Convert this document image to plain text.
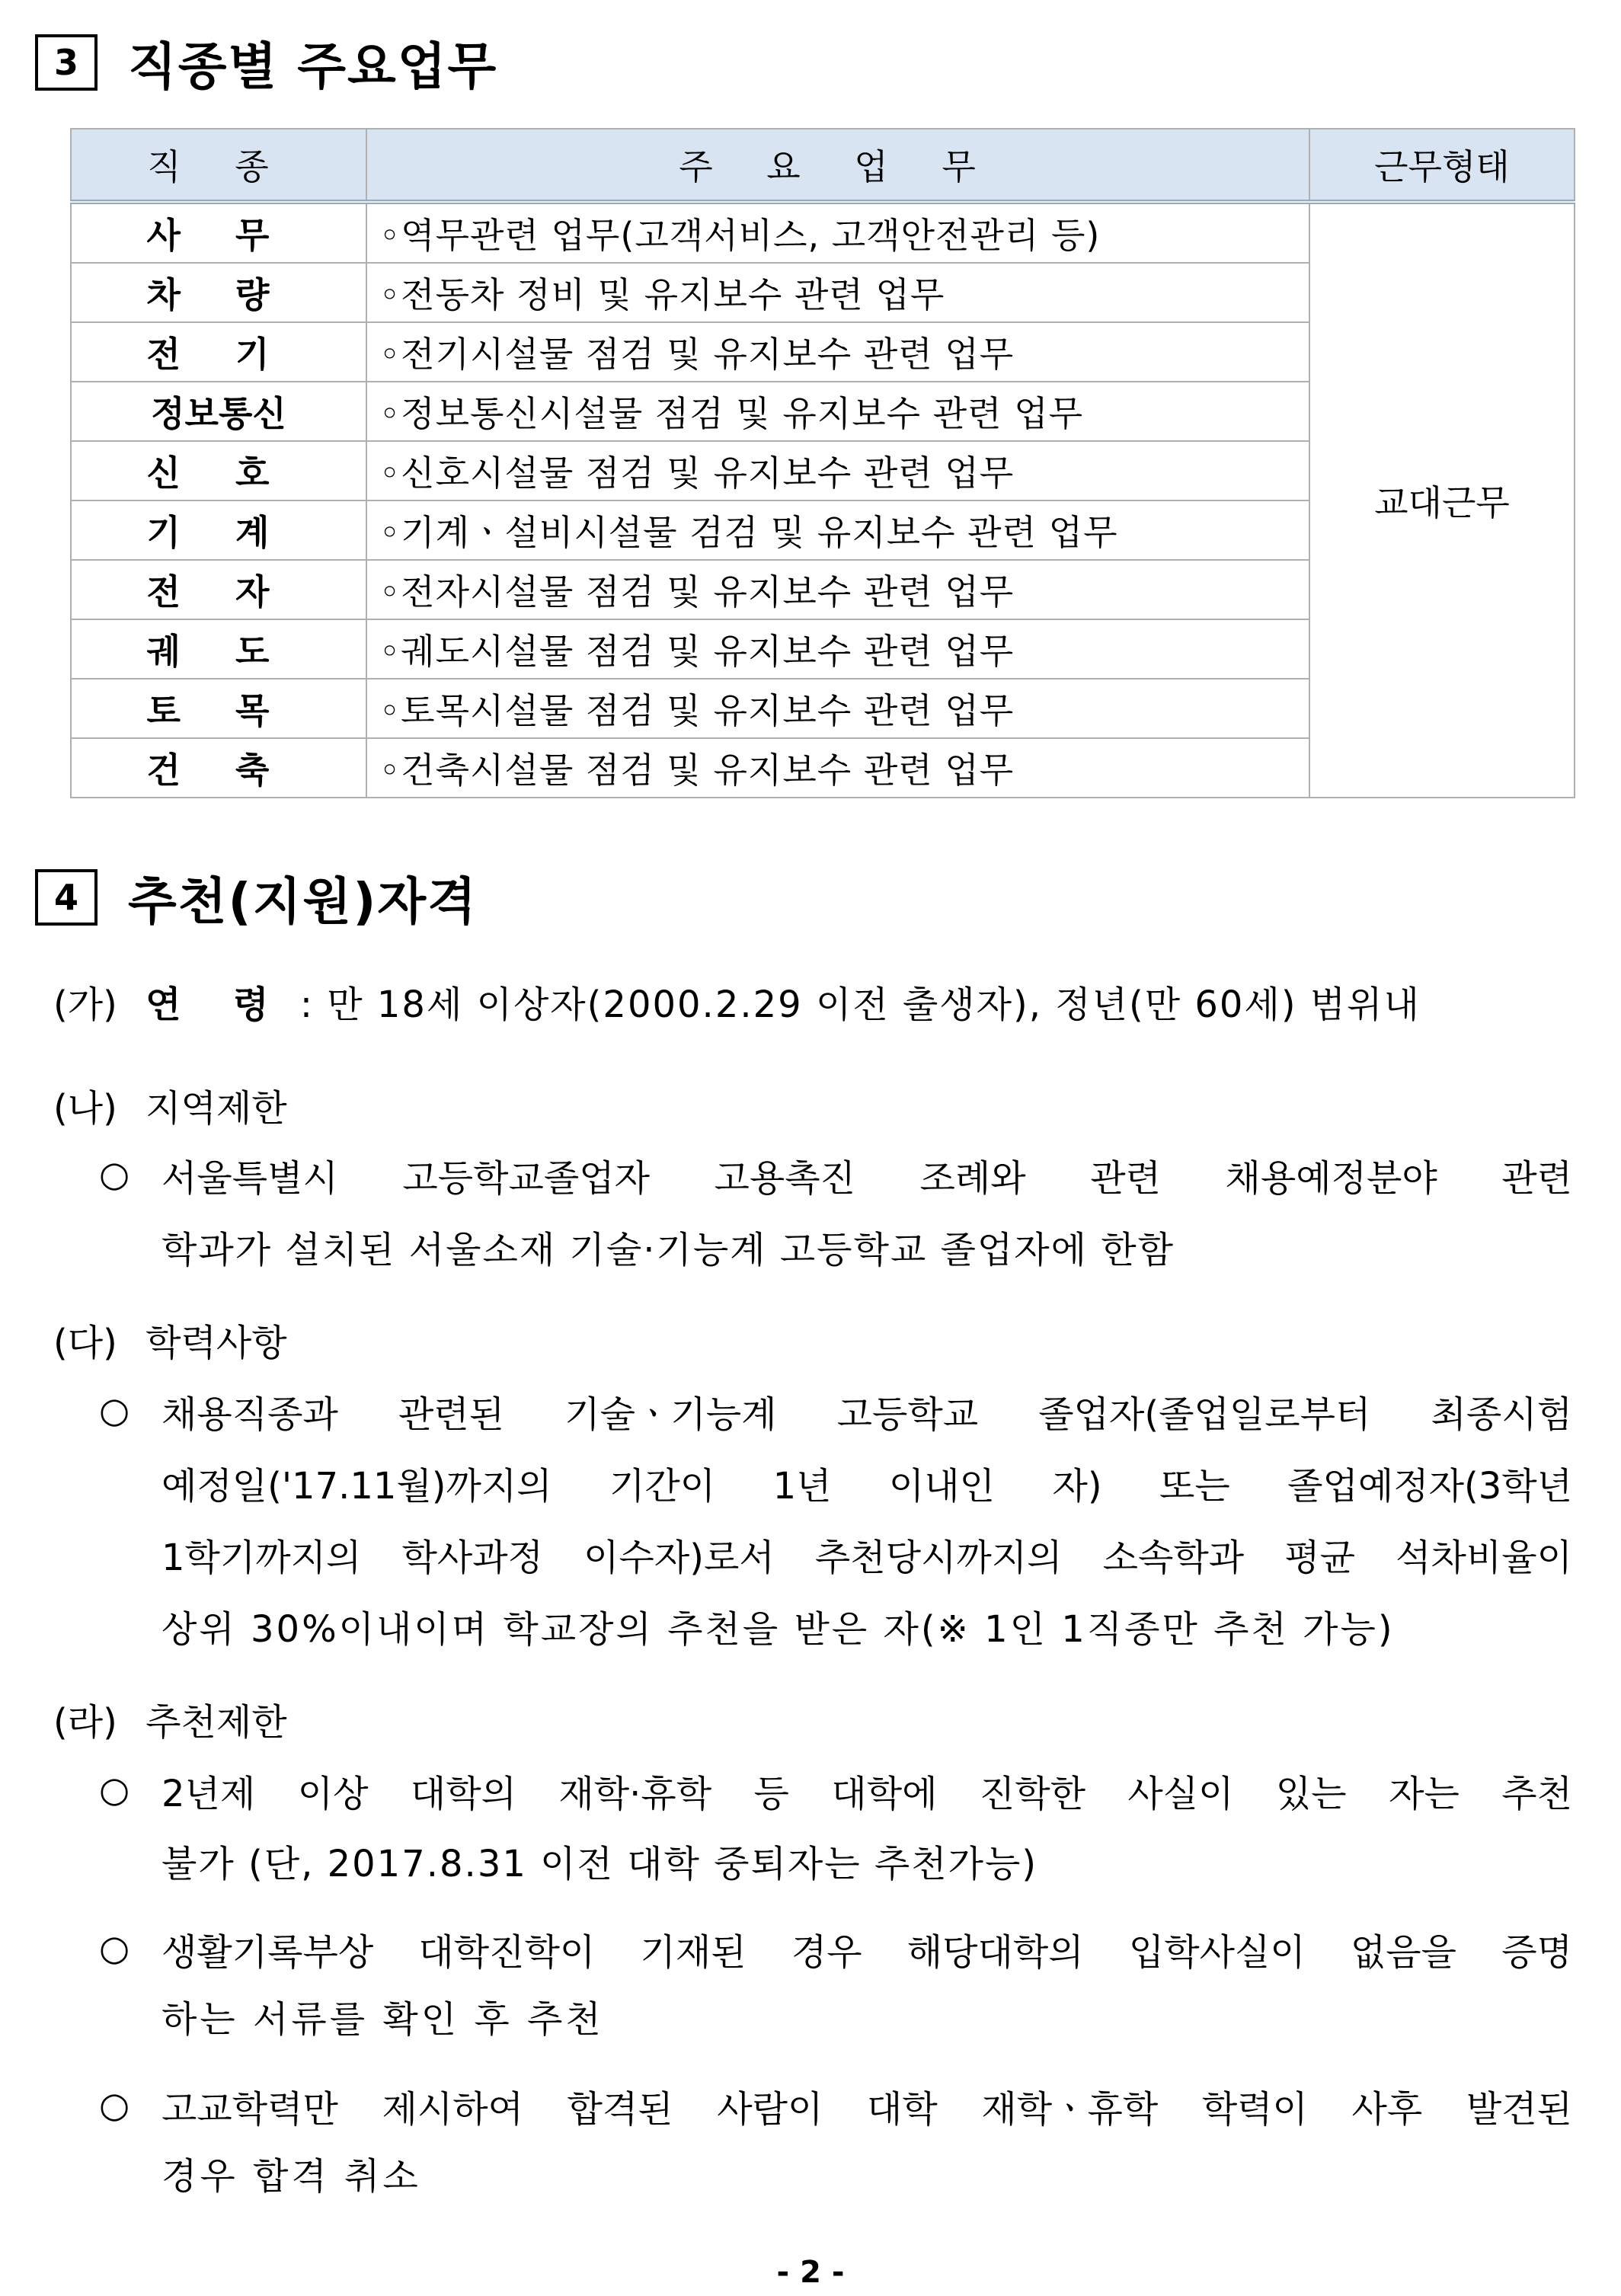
3 직종별 주요업무
직 종	주 요 업 무	근무형태
사 무	◦역무관련 업무(고객서비스, 고객안전관리 등)	교대근무
차 량	◦전동차 정비 및 유지보수 관련 업무	
전 기	◦전기시설물 점검 및 유지보수 관련 업무	
정보통신	◦정보통신시설물 점검 및 유지보수 관련 업무	
신 호	◦신호시설물 점검 및 유지보수 관련 업무	
기 계	◦기계ㆍ설비시설물 검검 및 유지보수 관련 업무	
전 자	◦전자시설물 점검 및 유지보수 관련 업무	
궤 도	◦궤도시설물 점검 및 유지보수 관련 업무	
토 목	◦토목시설물 점검 및 유지보수 관련 업무	
건 축	◦건축시설물 점검 및 유지보수 관련 업무	
4 추천(지원)자격
(가) 연 령 : 만 18세 이상자(2000.2.29 이전 출생자), 정년(만 60세) 범위내
(나) 지역제한
○ 서울특별시 고등학교졸업자 고용촉진 조례와 관련 채용예정분야 관련
학과가 설치된 서울소재 기술·기능계 고등학교 졸업자에 한함
(다) 학력사항
○ 채용직종과 관련된 기술ㆍ기능계 고등학교 졸업자(졸업일로부터 최종시험
예정일('17.11월)까지의 기간이 1년 이내인 자) 또는 졸업예정자(3학년
1학기까지의 학사과정 이수자)로서 추천당시까지의 소속학과 평균 석차비율이
상위 30%이내이며 학교장의 추천을 받은 자(※ 1인 1직종만 추천 가능)
(라) 추천제한
○ 2년제 이상 대학의 재학·휴학 등 대학에 진학한 사실이 있는 자는 추천
불가 (단, 2017.8.31 이전 대학 중퇴자는 추천가능)
○ 생활기록부상 대학진학이 기재된 경우 해당대학의 입학사실이 없음을 증명
하는 서류를 확인 후 추천
○ 고교학력만 제시하여 합격된 사람이 대학 재학ㆍ휴학 학력이 사후 발견된
경우 합격 취소
- 2 -
